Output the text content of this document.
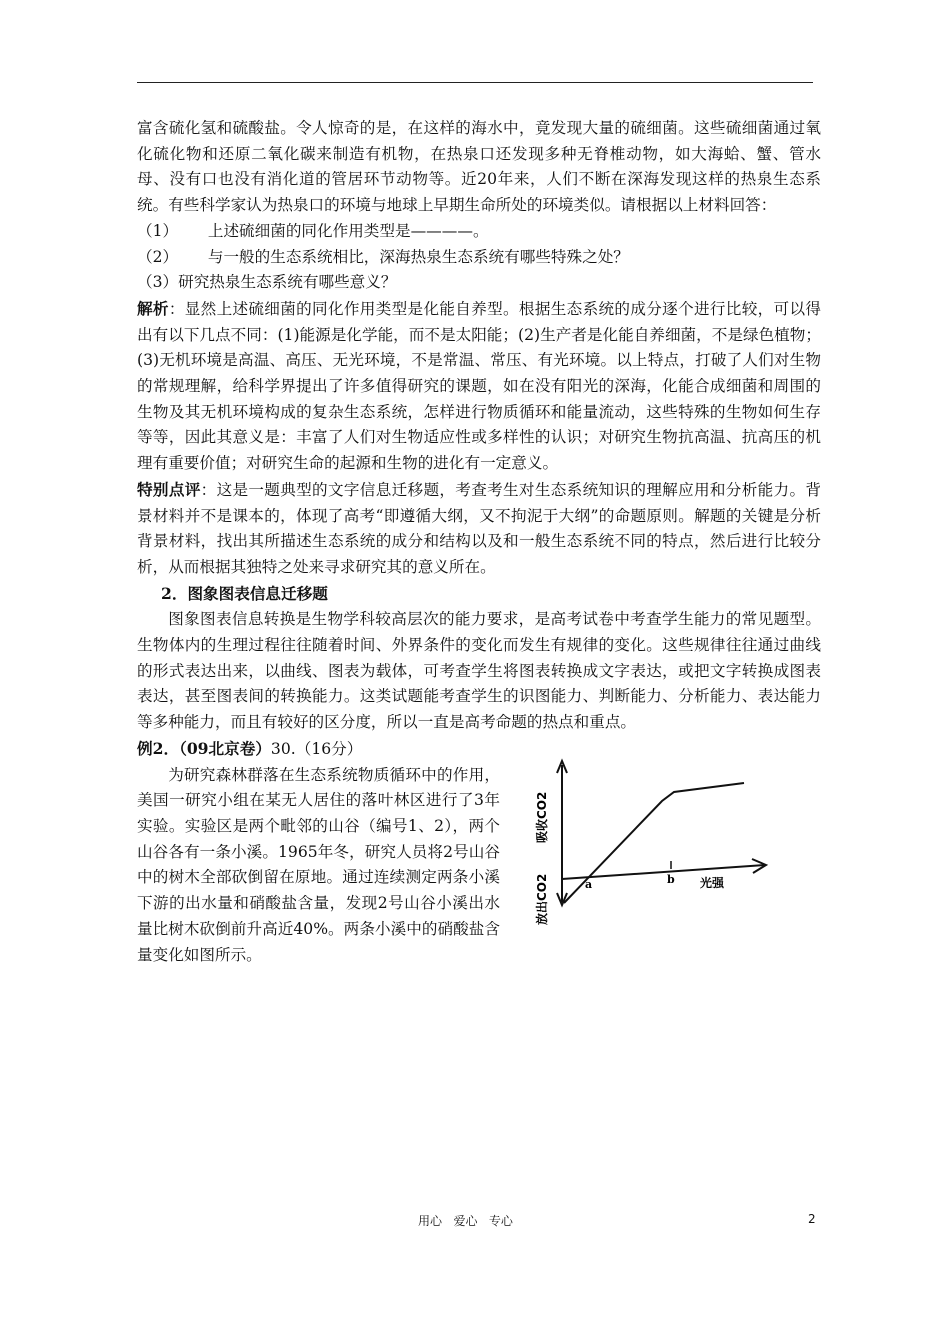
富含硫化氢和硫酸盐。令人惊奇的是，在这样的海水中，竟发现大量的硫细菌。这些硫细菌通过氧化硫化物和还原二氧化碳来制造有机物，在热泉口还发现多种无脊椎动物，如大海蛤、蟹、管水母、没有口也没有消化道的管居环节动物等。近20年来，人们不断在深海发现这样的热泉生态系统。有些科学家认为热泉口的环境与地球上早期生命所处的环境类似。请根据以上材料回答：

（1）      上述硫细菌的同化作用类型是————。

（2）      与一般的生态系统相比，深海热泉生态系统有哪些特殊之处？

（3）研究热泉生态系统有哪些意义？

解析：显然上述硫细菌的同化作用类型是化能自养型。根据生态系统的成分逐个进行比较，可以得出有以下几点不同：(1)能源是化学能，而不是太阳能；(2)生产者是化能自养细菌，不是绿色植物；(3)无机环境是高温、高压、无光环境，不是常温、常压、有光环境。以上特点，打破了人们对生物的常规理解，给科学界提出了许多值得研究的课题，如在没有阳光的深海，化能合成细菌和周围的生物及其无机环境构成的复杂生态系统，怎样进行物质循环和能量流动，这些特殊的生物如何生存等等，因此其意义是：丰富了人们对生物适应性或多样性的认识；对研究生物抗高温、抗高压的机理有重要价值；对研究生命的起源和生物的进化有一定意义。

特别点评：这是一题典型的文字信息迁移题，考查考生对生态系统知识的理解应用和分析能力。背景材料并不是课本的，体现了高考“即遵循大纲，又不拘泥于大纲”的命题原则。解题的关键是分析背景材料，找出其所描述生态系统的成分和结构以及和一般生态系统不同的特点，然后进行比较分析，从而根据其独特之处来寻求研究其的意义所在。

2．图象图表信息迁移题

图象图表信息转换是生物学科较高层次的能力要求，是高考试卷中考查学生能力的常见题型。生物体内的生理过程往往随着时间、外界条件的变化而发生有规律的变化。这些规律往往通过曲线的形式表达出来，以曲线、图表为载体，可考查学生将图表转换成文字表达，或把文字转换成图表表达，甚至图表间的转换能力。这类试题能考查学生的识图能力、判断能力、分析能力、表达能力等多种能力，而且有较好的区分度，所以一直是高考命题的热点和重点。

例2．（09北京卷）30.（16分）

为研究森林群落在生态系统物质循环中的作用，美国一研究小组在某无人居住的落叶林区进行了3年实验。实验区是两个毗邻的山谷（编号1、2），两个山谷各有一条小溪。1965年冬，研究人员将2号山谷中的树木全部砍倒留在原地。通过连续测定两条小溪下游的出水量和硝酸盐含量，发现2号山谷小溪出水量比树木砍倒前升高近40%。两条小溪中的硝酸盐含量变化如图所示。

吸收CO2
放出CO2	a	b 光强
用心   爱心   专心	2
